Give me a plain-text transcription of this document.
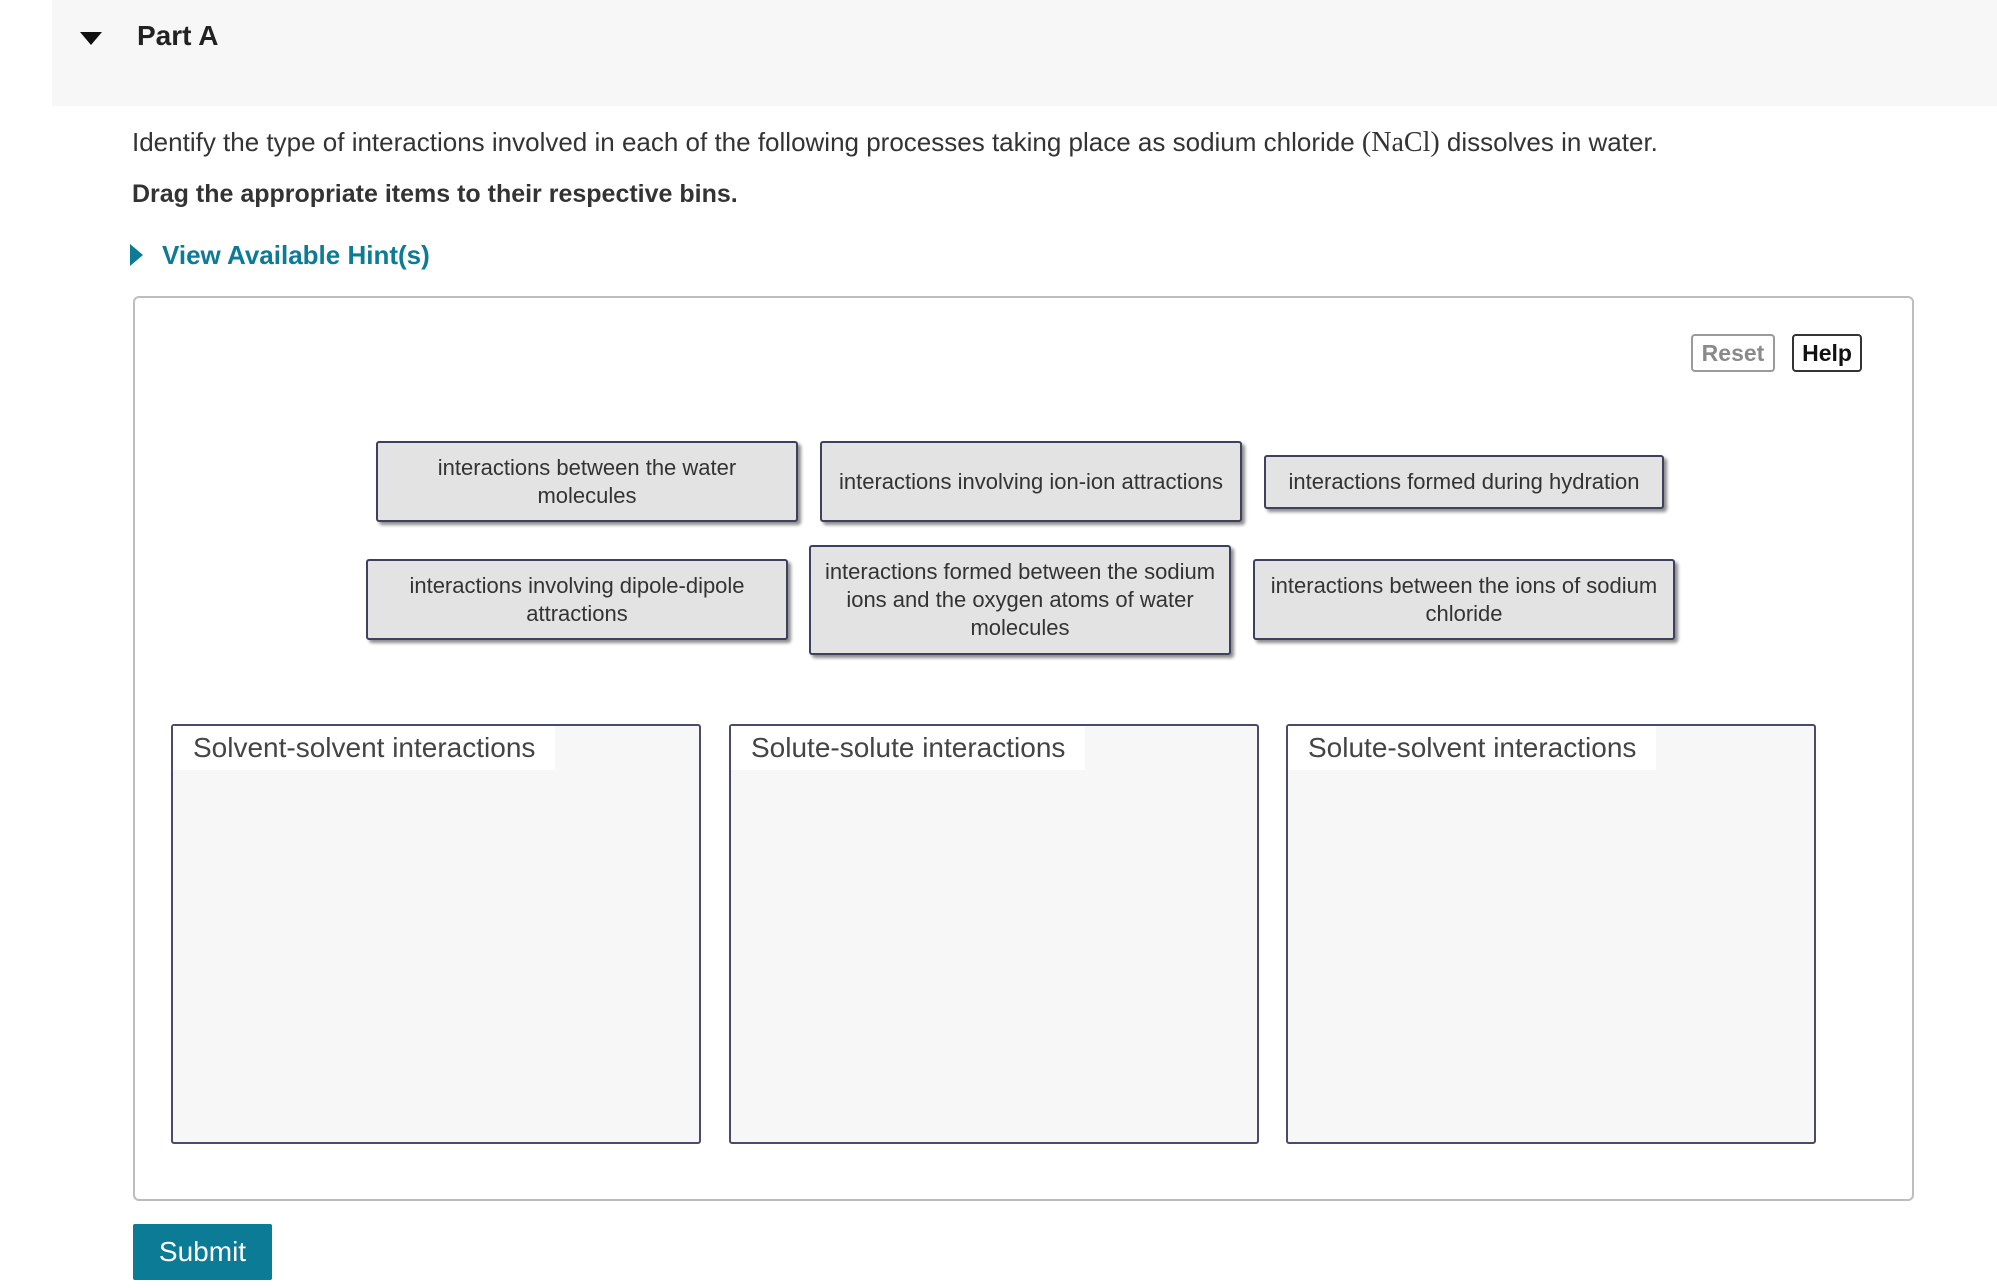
Part A
Identify the type of interactions involved in each of the following processes taking place as sodium chloride (NaCl) dissolves in water.
Drag the appropriate items to their respective bins.
View Available Hint(s)
Reset	Help
interactions between the water molecules
interactions involving ion-ion attractions	interactions formed during hydration
interactions involving dipole-dipole attractions
interactions formed between the sodium ions and the oxygen atoms of water molecules
interactions between the ions of sodium chloride
Solvent-solvent interactions	Solute-solute interactions	Solute-solvent interactions
Submit
